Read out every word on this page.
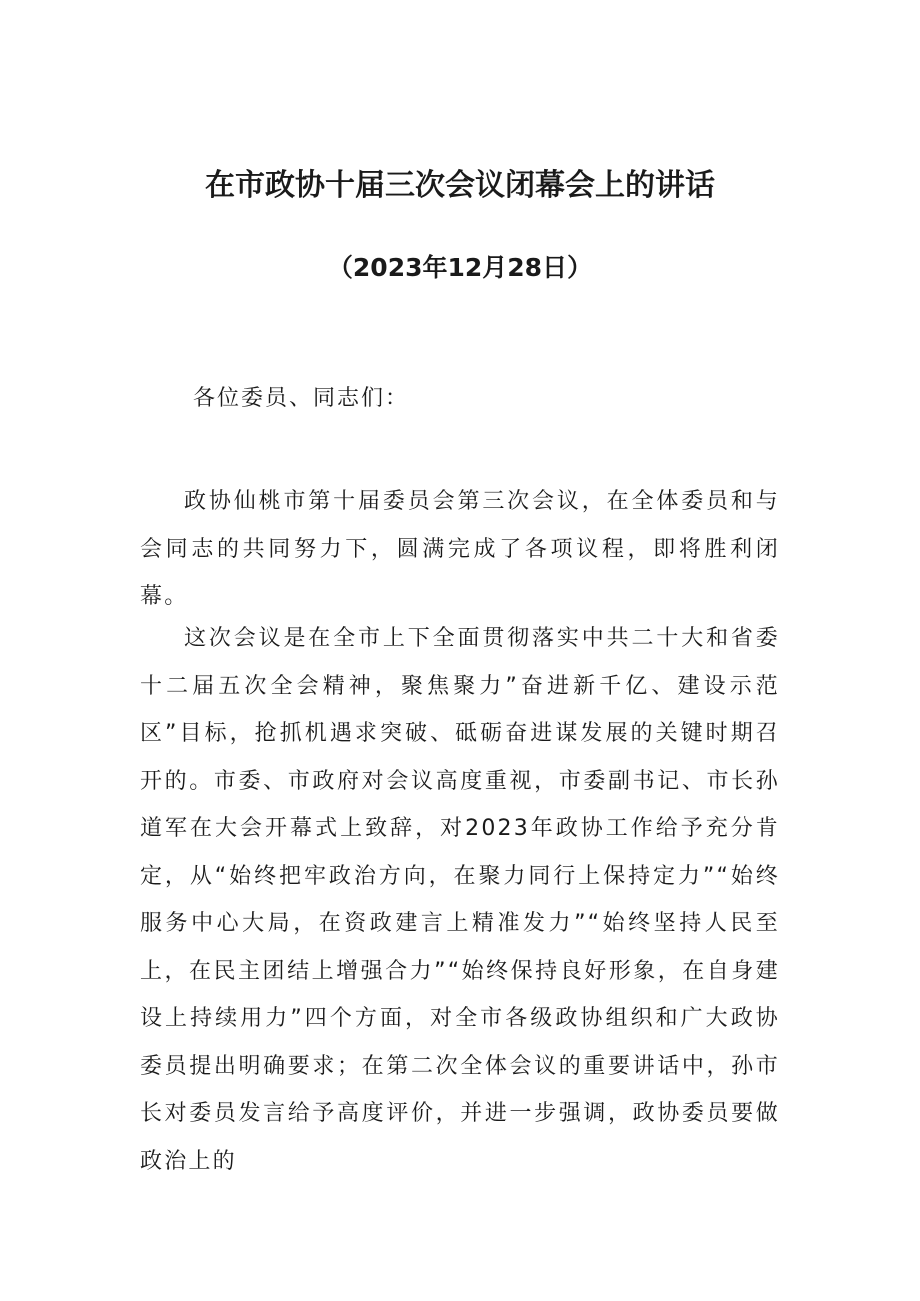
在市政协十届三次会议闭幕会上的讲话
（2023年12月28日）
各位委员、同志们：

政协仙桃市第十届委员会第三次会议，在全体委员和与会同志的共同努力下，圆满完成了各项议程，即将胜利闭幕。

这次会议是在全市上下全面贯彻落实中共二十大和省委十二届五次全会精神，聚焦聚力”奋进新千亿、建设示范区”目标，抢抓机遇求突破、砥砺奋进谋发展的关键时期召开的。市委、市政府对会议高度重视，市委副书记、市长孙道军在大会开幕式上致辞，对2023年政协工作给予充分肯定，从“始终把牢政治方向，在聚力同行上保持定力”“始终服务中心大局，在资政建言上精准发力”“始终坚持人民至上，在民主团结上增强合力”“始终保持良好形象，在自身建设上持续用力”四个方面，对全市各级政协组织和广大政协委员提出明确要求；在第二次全体会议的重要讲话中，孙市长对委员发言给予高度评价，并进一步强调，政协委员要做政治上的
